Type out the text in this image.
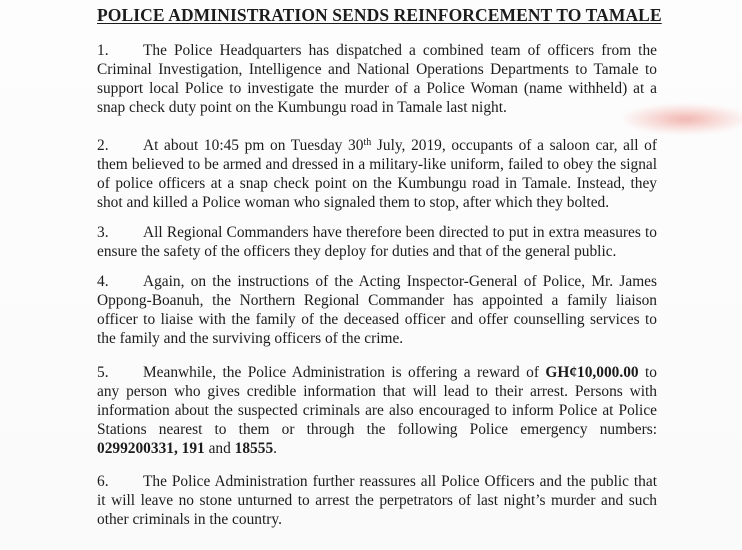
POLICE ADMINISTRATION SENDS REINFORCEMENT TO TAMALE

1. The Police Headquarters has dispatched a combined team of officers from the Criminal Investigation, Intelligence and National Operations Departments to Tamale to support local Police to investigate the murder of a Police Woman (name withheld) at a snap check duty point on the Kumbungu road in Tamale last night.

2. At about 10:45 pm on Tuesday 30th July, 2019, occupants of a saloon car, all of them believed to be armed and dressed in a military-like uniform, failed to obey the signal of police officers at a snap check point on the Kumbungu road in Tamale. Instead, they shot and killed a Police woman who signaled them to stop, after which they bolted.

3. All Regional Commanders have therefore been directed to put in extra measures to ensure the safety of the officers they deploy for duties and that of the general public.

4. Again, on the instructions of the Acting Inspector-General of Police, Mr. James Oppong-Boanuh, the Northern Regional Commander has appointed a family liaison officer to liaise with the family of the deceased officer and offer counselling services to the family and the surviving officers of the crime.

5. Meanwhile, the Police Administration is offering a reward of GH¢10,000.00 to any person who gives credible information that will lead to their arrest. Persons with information about the suspected criminals are also encouraged to inform Police at Police Stations nearest to them or through the following Police emergency numbers: 0299200331, 191 and 18555.

6. The Police Administration further reassures all Police Officers and the public that it will leave no stone unturned to arrest the perpetrators of last night’s murder and such other criminals in the country.
